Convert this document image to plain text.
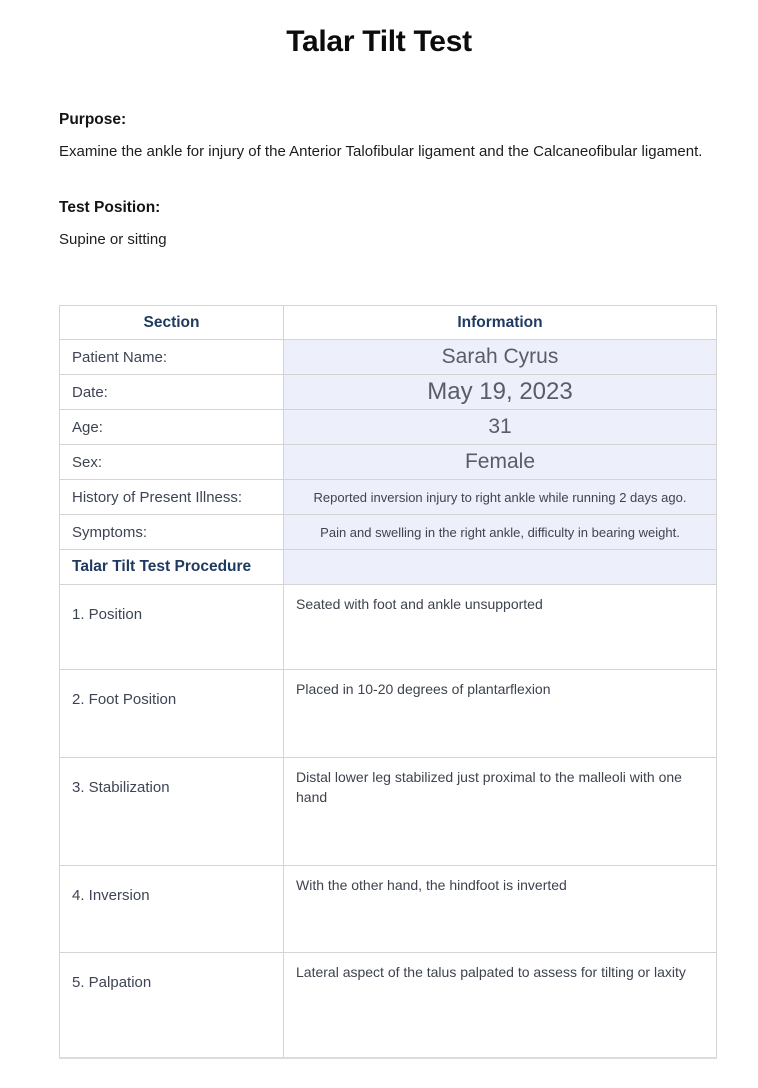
Talar Tilt Test

Purpose:

Examine the ankle for injury of the Anterior Talofibular ligament and the Calcaneofibular ligament.

Test Position:

Supine or sitting

Section	Information
Patient Name:	Sarah Cyrus
Date:	May 19, 2023
Age:	31
Sex:	Female
History of Present Illness:	Reported inversion injury to right ankle while running 2 days ago.
Symptoms:	Pain and swelling in the right ankle, difficulty in bearing weight.
Talar Tilt Test Procedure	
1. Position	Seated with foot and ankle unsupported
2. Foot Position	Placed in 10-20 degrees of plantarflexion
3. Stabilization	Distal lower leg stabilized just proximal to the malleoli with one hand
4. Inversion	With the other hand, the hindfoot is inverted
5. Palpation	Lateral aspect of the talus palpated to assess for tilting or laxity
